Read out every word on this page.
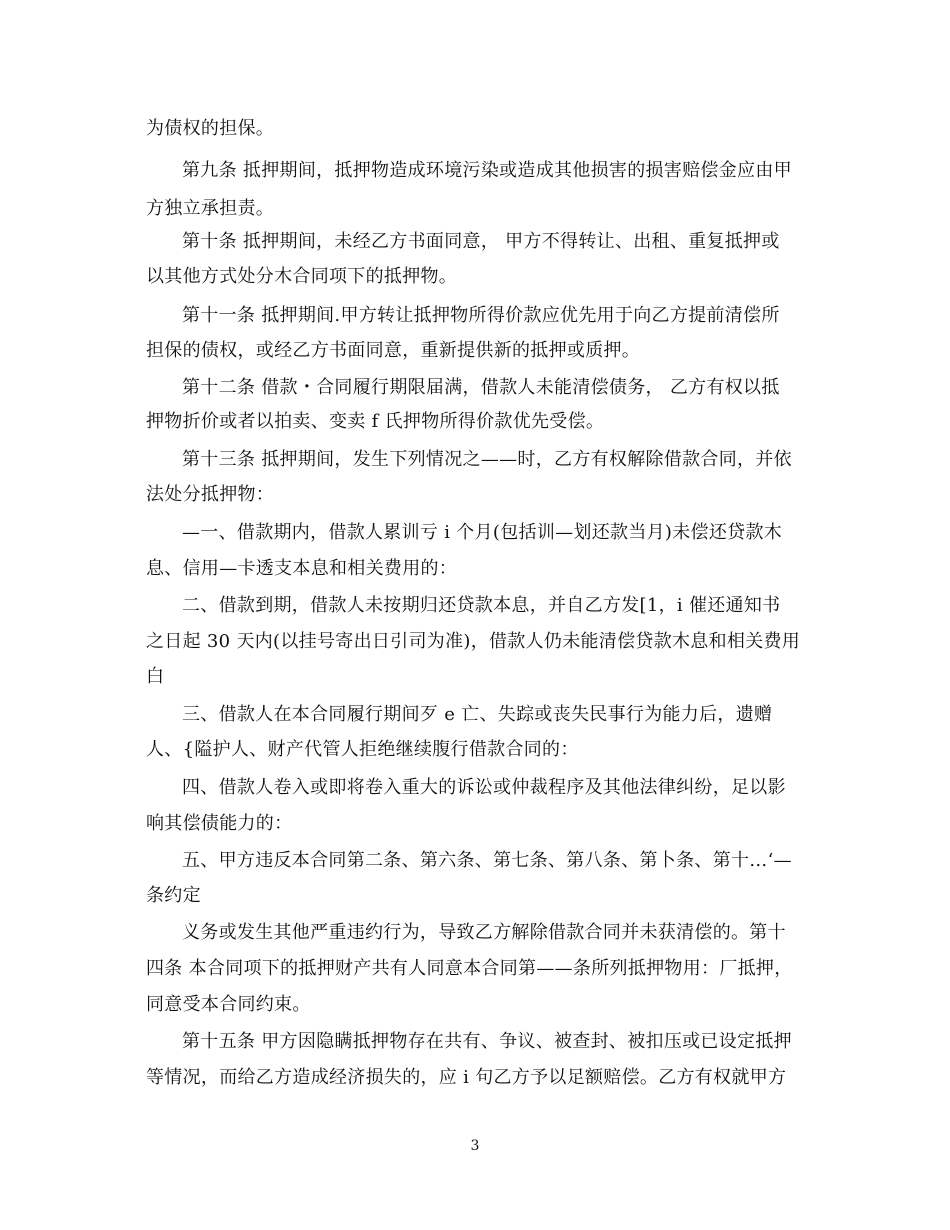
为债权的担保。
第九条 抵押期间，抵押物造成环境污染或造成其他损害的损害赔偿金应由甲
方独立承担责。
第十条 抵押期间，未经乙方书面同意， 甲方不得转让、出租、重复抵押或
以其他方式处分木合同项下的抵押物。
第十一条 抵押期间.甲方转让抵押物所得价款应优先用于向乙方提前清偿所
担保的债权，或经乙方书面同意，重新提供新的抵押或质押。
第十二条 借款・合同履行期限届满，借款人未能清偿债务， 乙方有权以抵
押物折价或者以拍卖、变卖 f 氏押物所得价款优先受偿。
第十三条 抵押期间，发生下列情况之——时，乙方有权解除借款合同，并依
法处分抵押物：
—一、借款期内，借款人累训亏 i 个月(包括训—划还款当月)未偿还贷款木
息、信用—卡透支本息和相关费用的：
二、借款到期，借款人未按期归还贷款本息，并自乙方发[1，i 催还通知书
之日起 30 天内(以挂号寄出日引司为准)，借款人仍未能清偿贷款木息和相关费用
白
三、借款人在本合同履行期间歹 e 亡、失踪或丧失民事行为能力后，遗赠
人、{隘护人、财产代管人拒绝继续腹行借款合同的：
四、借款人卷入或即将卷入重大的诉讼或仲裁程序及其他法律纠纷，足以影
响其偿债能力的：
五、甲方违反本合同第二条、第六条、第七条、第八条、第卜条、第十…‘—
条约定
义务或发生其他严重违约行为，导致乙方解除借款合同并未获清偿的。第十
四条 本合同项下的抵押财产共有人同意本合同第——条所列抵押物用：厂抵押，
同意受本合同约束。
第十五条 甲方因隐瞒抵押物存在共有、争议、被查封、被扣压或已设定抵押
等情况，而给乙方造成经济损失的，应 i 句乙方予以足额赔偿。乙方有权就甲方
3
